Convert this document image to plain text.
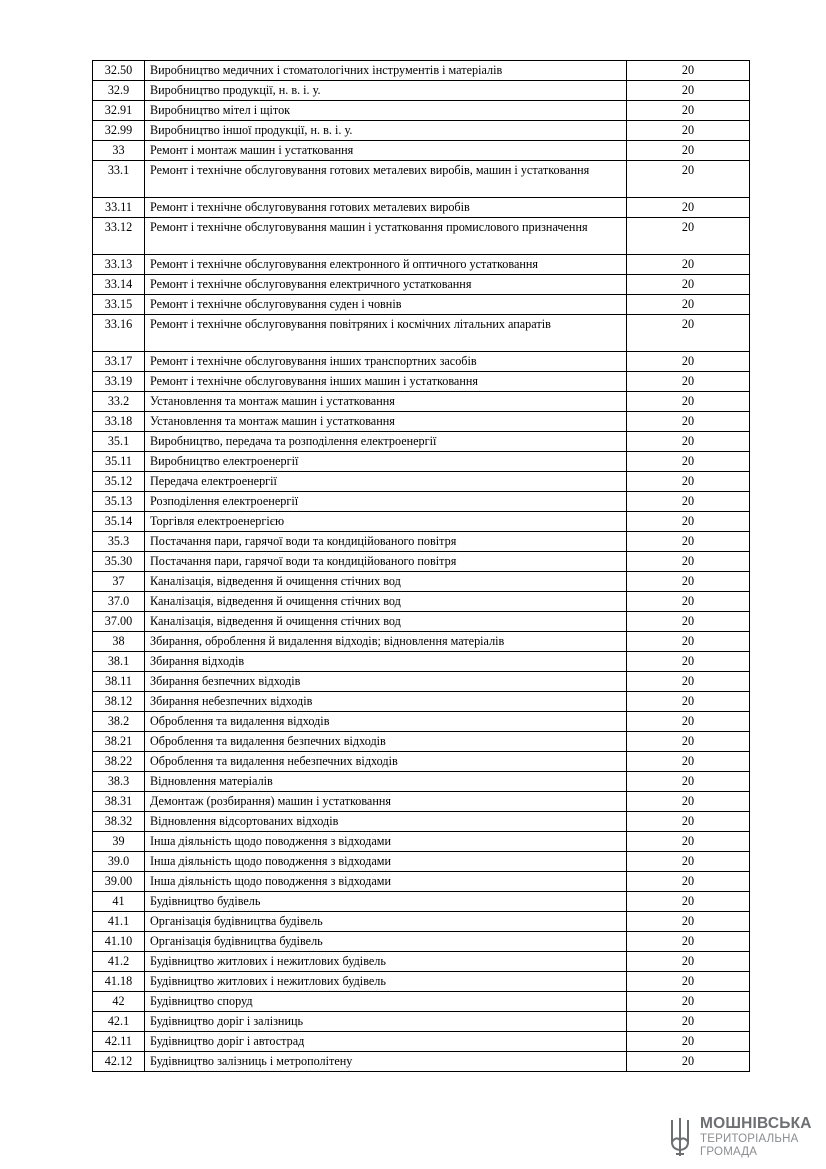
32.50	Виробництво медичних і стоматологічних інструментів і матеріалів	20
32.9	Виробництво продукції, н. в. і. у.	20
32.91	Виробництво мітел і щіток	20
32.99	Виробництво іншої продукції, н. в. і. у.	20
33	Ремонт і монтаж машин і устатковання	20
33.1	Ремонт і технічне обслуговування готових металевих виробів, машин і устатковання	20
33.11	Ремонт і технічне обслуговування готових металевих виробів	20
33.12	Ремонт і технічне обслуговування машин і устатковання промислового призначення	20
33.13	Ремонт і технічне обслуговування електронного й оптичного устатковання	20
33.14	Ремонт і технічне обслуговування електричного устатковання	20
33.15	Ремонт і технічне обслуговування суден і човнів	20
33.16	Ремонт і технічне обслуговування повітряних і космічних літальних апаратів	20
33.17	Ремонт і технічне обслуговування інших транспортних засобів	20
33.19	Ремонт і технічне обслуговування інших машин і устатковання	20
33.2	Установлення та монтаж машин і устатковання	20
33.18	Установлення та монтаж машин і устатковання	20
35.1	Виробництво, передача та розподілення електроенергії	20
35.11	Виробництво електроенергії	20
35.12	Передача електроенергії	20
35.13	Розподілення електроенергії	20
35.14	Торгівля електроенергією	20
35.3	Постачання пари, гарячої води та кондиційованого повітря	20
35.30	Постачання пари, гарячої води та кондиційованого повітря	20
37	Каналізація, відведення й очищення стічних вод	20
37.0	Каналізація, відведення й очищення стічних вод	20
37.00	Каналізація, відведення й очищення стічних вод	20
38	Збирання, оброблення й видалення відходів; відновлення матеріалів	20
38.1	Збирання відходів	20
38.11	Збирання безпечних відходів	20
38.12	Збирання небезпечних відходів	20
38.2	Оброблення та видалення відходів	20
38.21	Оброблення та видалення безпечних відходів	20
38.22	Оброблення та видалення небезпечних відходів	20
38.3	Відновлення матеріалів	20
38.31	Демонтаж (розбирання) машин і устатковання	20
38.32	Відновлення відсортованих відходів	20
39	Інша діяльність щодо поводження з відходами	20
39.0	Інша діяльність щодо поводження з відходами	20
39.00	Інша діяльність щодо поводження з відходами	20
41	Будівництво будівель	20
41.1	Організація будівництва будівель	20
41.10	Організація будівництва будівель	20
41.2	Будівництво житлових і нежитлових будівель	20
41.18	Будівництво житлових і нежитлових будівель	20
42	Будівництво споруд	20
42.1	Будівництво доріг і залізниць	20
42.11	Будівництво доріг і автострад	20
42.12	Будівництво залізниць і метрополітену	20
МОШНІВСЬКА
ТЕРИТОРІАЛЬНА
ГРОМАДА
